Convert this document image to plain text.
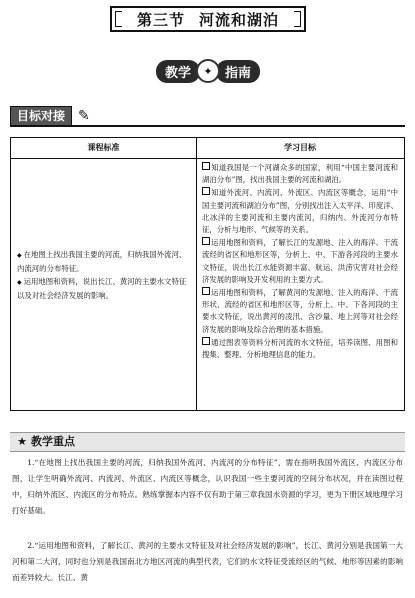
第三节 河流和湖泊
教学	✦ 指南
目标对接 ✎
课程标准	学习目标

◆ 在地图上找出我国主要的河流，归纳我国外流河、内流河的分布特征。

◆ 运用地图和资料，说出长江、黄河的主要水文特征以及对社会经济发展的影响。

知道我国是一个河湖众多的国家，利用“中国主要河流和湖泊分布”图，找出我国主要的河流和湖泊。

知道外流河、内流河、外流区、内流区等概念，运用“中国主要河流和湖泊分布”图，分别找出注入太平洋、印度洋、北冰洋的主要河流和主要内流河，归纳内、外流河分布特征，分析与地形、气候等的关系。

运用地图和资料，了解长江的发源地、注入的海洋、干流流经的省区和地形区等，分析上、中、下游各河段的主要水文特征，说出长江水能资源丰富、航运、洪涝灾害对社会经济发展的影响及开发利用的主要方式。

运用地图和资料，了解黄河的发源地、注入的海洋、干流形状、流经的省区和地形区等，分析上、中、下各河段的主要水文特征，说出黄河的凌汛、含沙量、地上河等对社会经济发展的影响及综合治理的基本措施。

通过图表等资料分析河流的水文特征，培养读图、用图和搜集、整理、分析地理信息的能力。

★ 教学重点

1.“在地图上找出我国主要的河流，归纳我国外流河、内流河的分布特征”，需在指明我国外流区、内流区分布图，让学生明确外流河、内流河、外流区、内流区等概念，认识我国一些主要河流的空间分布状况，并在读图过程中，归纳外流区、内流区的分布特点。熟练掌握本内容不仅有助于第三章我国水资源的学习，更为下册区域地理学习打好基础。

2.“运用地图和资料，了解长江、黄河的主要水文特征及对社会经济发展的影响”，长江、黄河分别是我国第一大河和第二大河，同时也分别是我国南北方地区河流的典型代表，它们的水文特征受流经区的气候、地形等因素的影响而差异较大。长江、黄
